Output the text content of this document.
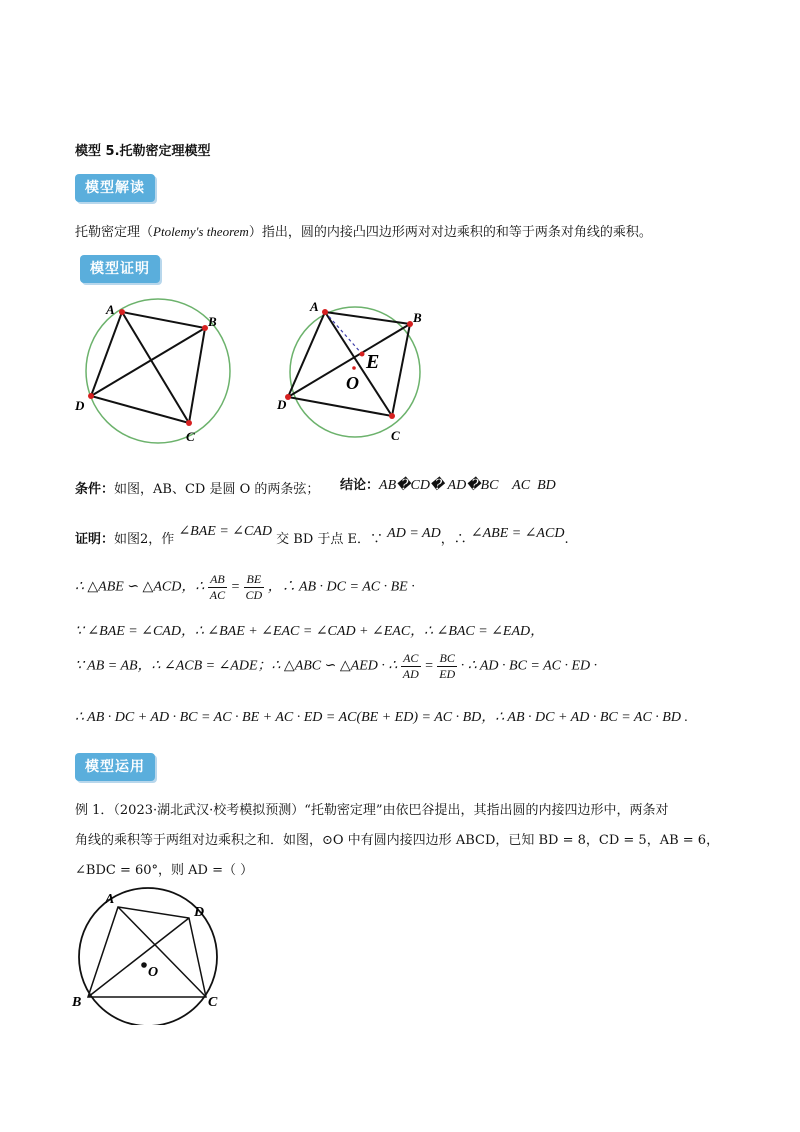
模型 5.托勒密定理模型
模型解读
托勒密定理（Ptolemy's theorem）指出，圆的内接凸四边形两对对边乘积的和等于两条对角线的乘积。
模型证明
A
B
C
D
A
B
C
D
E
O
条件：如图，AB、CD 是圆 O 的两条弦； 结论：AB�CD� AD�BC    AC  BD
证明：如图2，作 ∠BAE = ∠CAD 交 BD 于点 E．∵ AD = AD，∴ ∠ABE = ∠ACD.
∴ △ABE ∽ △ACD，∴ $\frac{AB}{AC} = \frac{BE}{CD}$ ，∴ AB · DC = AC · BE ·
∵ ∠BAE = ∠CAD，∴ ∠BAE + ∠EAC = ∠CAD + ∠EAC，∴ ∠BAC = ∠EAD，
∵ AB = AB，∴ ∠ACB = ∠ADE；∴ △ABC ∽ △AED · ∴ $\frac{AC}{AD} = \frac{BC}{ED}$ · ∴ AD · BC = AC · ED ·
∴ AB · DC + AD · BC = AC · BE + AC · ED = AC(BE + ED) = AC · BD，∴ AB · DC + AD · BC = AC · BD .
模型运用
例 1．（2023·湖北武汉·校考模拟预测）“托勒密定理”由依巴谷提出，其指出圆的内接四边形中，两条对
角线的乘积等于两组对边乘积之和．如图，⊙O 中有圆内接四边形 ABCD，已知 BD = 8，CD = 5，AB = 6，
∠BDC = 60°，则 AD =（ ）
A
D
B	C
O
